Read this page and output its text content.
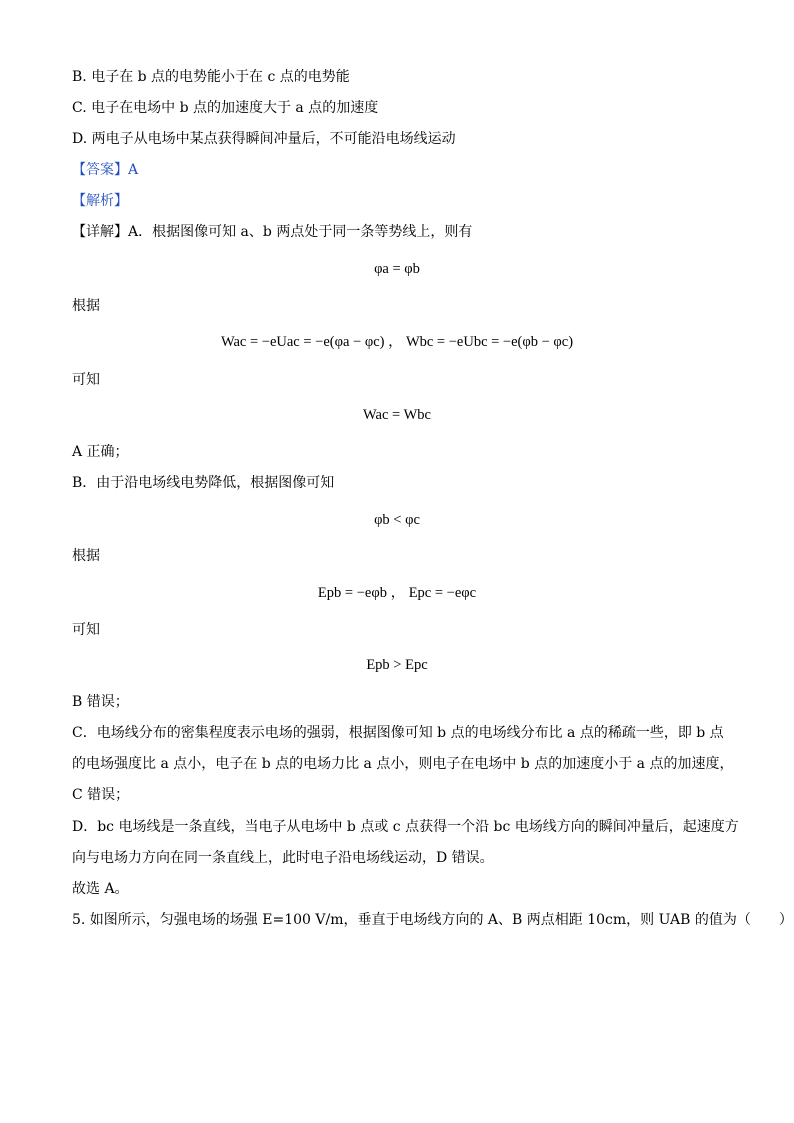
B. 电子在 b 点的电势能小于在 c 点的电势能
C. 电子在电场中 b 点的加速度大于 a 点的加速度
D. 两电子从电场中某点获得瞬间冲量后，不可能沿电场线运动
【答案】A
【解析】
【详解】A．根据图像可知 a、b 两点处于同一条等势线上，则有
φa = φb
根据
Wac = −eUac = −e(φa − φc) ， Wbc = −eUbc = −e(φb − φc)
可知
Wac = Wbc
A 正确；
B．由于沿电场线电势降低，根据图像可知
φb < φc
根据
Epb = −eφb ， Epc = −eφc
可知
Epb > Epc
B 错误；
C．电场线分布的密集程度表示电场的强弱，根据图像可知 b 点的电场线分布比 a 点的稀疏一些，即 b 点
的电场强度比 a 点小，电子在 b 点的电场力比 a 点小，则电子在电场中 b 点的加速度小于 a 点的加速度，
C 错误；
D．bc 电场线是一条直线，当电子从电场中 b 点或 c 点获得一个沿 bc 电场线方向的瞬间冲量后，起速度方
向与电场力方向在同一条直线上，此时电子沿电场线运动，D 错误。
故选 A。
5. 如图所示，匀强电场的场强 E=100 V/m，垂直于电场线方向的 A、B 两点相距 10cm，则 UAB 的值为（　　）
